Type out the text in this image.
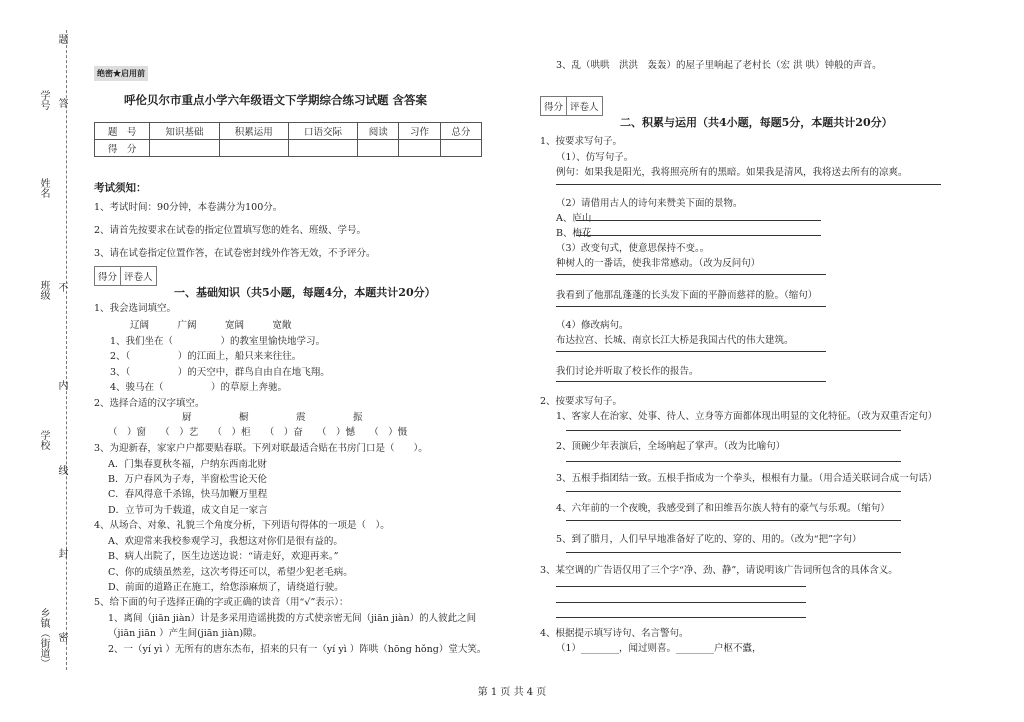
题
学号 答
姓名
班级 不
内
学校
线
封
乡镇（街道） 密
绝密★启用前
呼伦贝尔市重点小学六年级语文下学期综合练习试题 含答案
题　号	知识基础	积累运用	口语交际	阅读	习作	总分
得　分						
考试须知：
1、考试时间：90分钟，本卷满分为100分。
2、请首先按要求在试卷的指定位置填写您的姓名、班级、学号。
3、请在试卷指定位置作答，在试卷密封线外作答无效，不予评分。
得分 评卷人
一、基础知识（共5小题，每题4分，本题共计20分）
1、我会选词填空。
辽阔　　　广阔　　　宽阔　　　宽敞
1、我们坐在（　　　　　）的教室里愉快地学习。
2、（　　　　　）的江面上，船只来来往往。
3、（　　　　　）的天空中，群鸟自由自在地飞翔。
4、骏马在（　　　　　）的草原上奔驰。
2、选择合适的汉字填空。
厨　　　　　橱　　　　　震　　　　　振
（　）窗　　（　）艺　　（　）柜　　（　）奋　　（　）憾　　（　）慑
3、为迎新春，家家户户都要贴春联。下列对联最适合贴在书房门口是（　　）。
A．门集春夏秋冬福，户纳东西南北财
B．万户春风为子寿，半窗松雪论天伦
C．春风得意千杀锦，快马加鞭万里程
D．立节可为千载道，成文自足一家言
4、从场合、对象、礼貌三个角度分析，下列语句得体的一项是（　）。
A、欢迎常来我校参观学习，我想这对你们是很有益的。
B、病人出院了，医生边送边说：“请走好，欢迎再来。”
C、你的成绩虽然差，这次考得还可以，希望少犯老毛病。
D、前面的道路正在施工，给您添麻烦了，请绕道行驶。
5、给下面的句子选择正确的字或正确的读音（用“√”表示）：
1、离间（jiān jiàn）计是多采用造谣挑拨的方式使亲密无间（jiān jiàn）的人彼此之间
（jiān jiān ）产生间(jiān jiàn)隙。
2、一（yí yì ）无所有的唐东杰布，招来的只有一（yí yì ）阵哄（hōng hǒng）堂大笑。
3、乱（哄哄　洪洪　轰轰）的屋子里响起了老村长（宏 洪 哄）钟般的声音。
得分 评卷人
二、积累与运用（共4小题，每题5分，本题共计20分）
1、按要求写句子。
（1）、仿写句子。
例句：如果我是阳光，我将照亮所有的黑暗。如果我是清风，我将送去所有的凉爽。
（2）请借用古人的诗句来赞美下面的景物。
A、庐山
B、梅花
（3）改变句式，使意思保持不变。。
种树人的一番话，使我非常感动。（改为反问句）
我看到了他那乱蓬蓬的长头发下面的平静而慈祥的脸。（缩句）
（4）修改病句。
布达拉宫、长城、南京长江大桥是我国古代的伟大建筑。
我们讨论并听取了校长作的报告。
2、按要求写句子。
1、客家人在治家、处事、待人、立身等方面都体现出明显的文化特征。（改为双重否定句）
2、顶碗少年表演后，全场响起了掌声。（改为比喻句）
3、五根手指团结一致。五根手指成为一个拳头，根根有力量。（用合适关联词合成一句话）
4、六年前的一个夜晚，我感受到了和田维吾尔族人特有的豪气与乐观。（缩句）
5、到了腊月，人们早早地准备好了吃的、穿的、用的。（改为“把”字句）
3、某空调的广告语仅用了三个字“净、劲、静”，请说明该广告词所包含的具体含义。
4、根据提示填写诗句、名言警句。
（1）________，闻过则喜。________户枢不蠹，
第 1 页 共 4 页
